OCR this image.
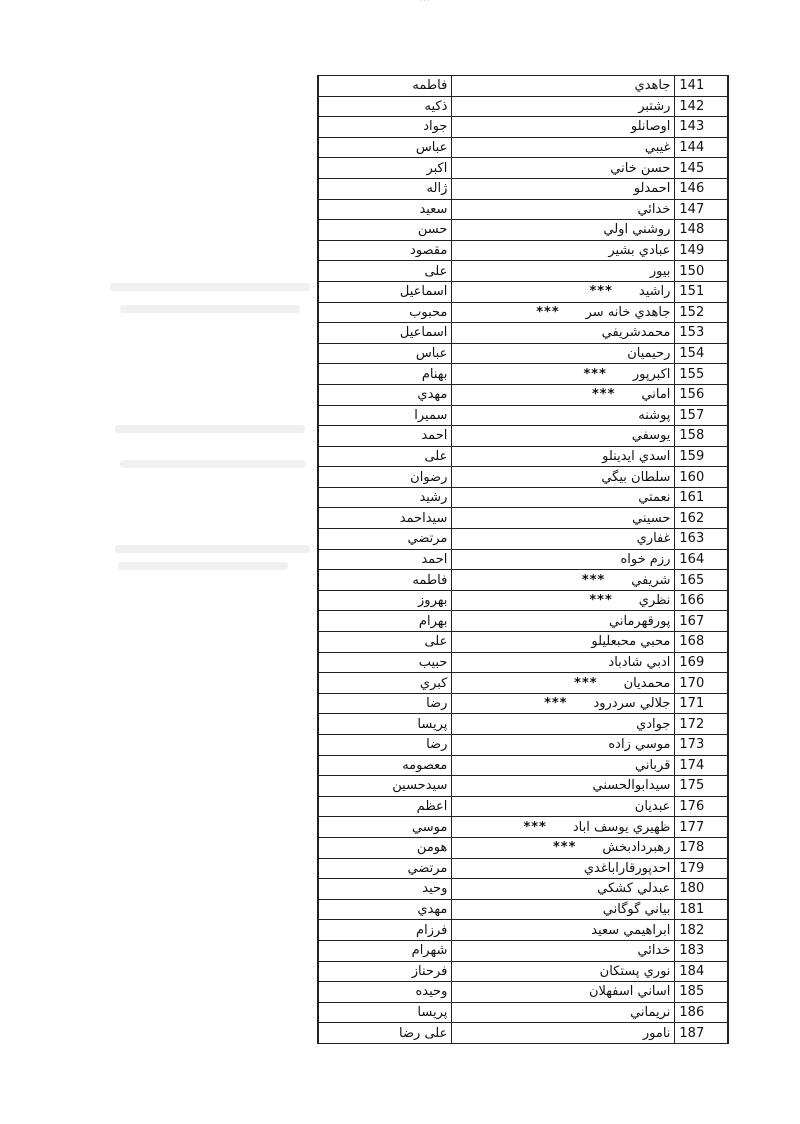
· · ·
141	جاهدي	فاطمه
142	رشتبر	ذکيه
143	اوصانلو	جواد
144	غيبي	عباس
145	حسن خاني	اکبر
146	احمدلو	ژاله
147	خدائي	سعيد
148	روشني اولي	حسن
149	عبادي بشير	مقصود
150	بيور	علی
151	راشيد***	اسماعيل
152	جاهدي خانه سر***	محبوب
153	محمدشريفي	اسماعيل
154	رحيميان	عباس
155	اکبرپور***	بهنام
156	اماني***	مهدي
157	پوشنه	سميرا
158	يوسفي	احمد
159	اسدي ايدينلو	علی
160	سلطان بيگي	رضوان
161	نعمتي	رشيد
162	حسيني	سيداحمد
163	غفاري	مرتضي
164	رزم خواه	احمد
165	شريفي***	فاطمه
166	نظري***	بهروز
167	پورقهرماني	بهرام
168	محبي محبعليلو	علی
169	ادبي شادباد	حبيب
170	محمديان***	کبري
171	جلالي سردرود***	رضا
172	جوادي	پريسا
173	موسي زاده	رضا
174	قرباني	معصومه
175	سيدابوالحسني	سيدحسين
176	عبديان	اعظم
177	ظهيري يوسف اباد***	موسي
178	رهبردادبخش***	هومن
179	احدپورقاراباغدي	مرتضي
180	عبدلي کشکي	وحيد
181	بياني گوگاني	مهدي
182	ابراهيمي سعيد	فرزام
183	خدائي	شهرام
184	نوري پستکان	فرحناز
185	اساني اسفهلان	وحيده
186	نريماني	پريسا
187	نامور	علی رضا
